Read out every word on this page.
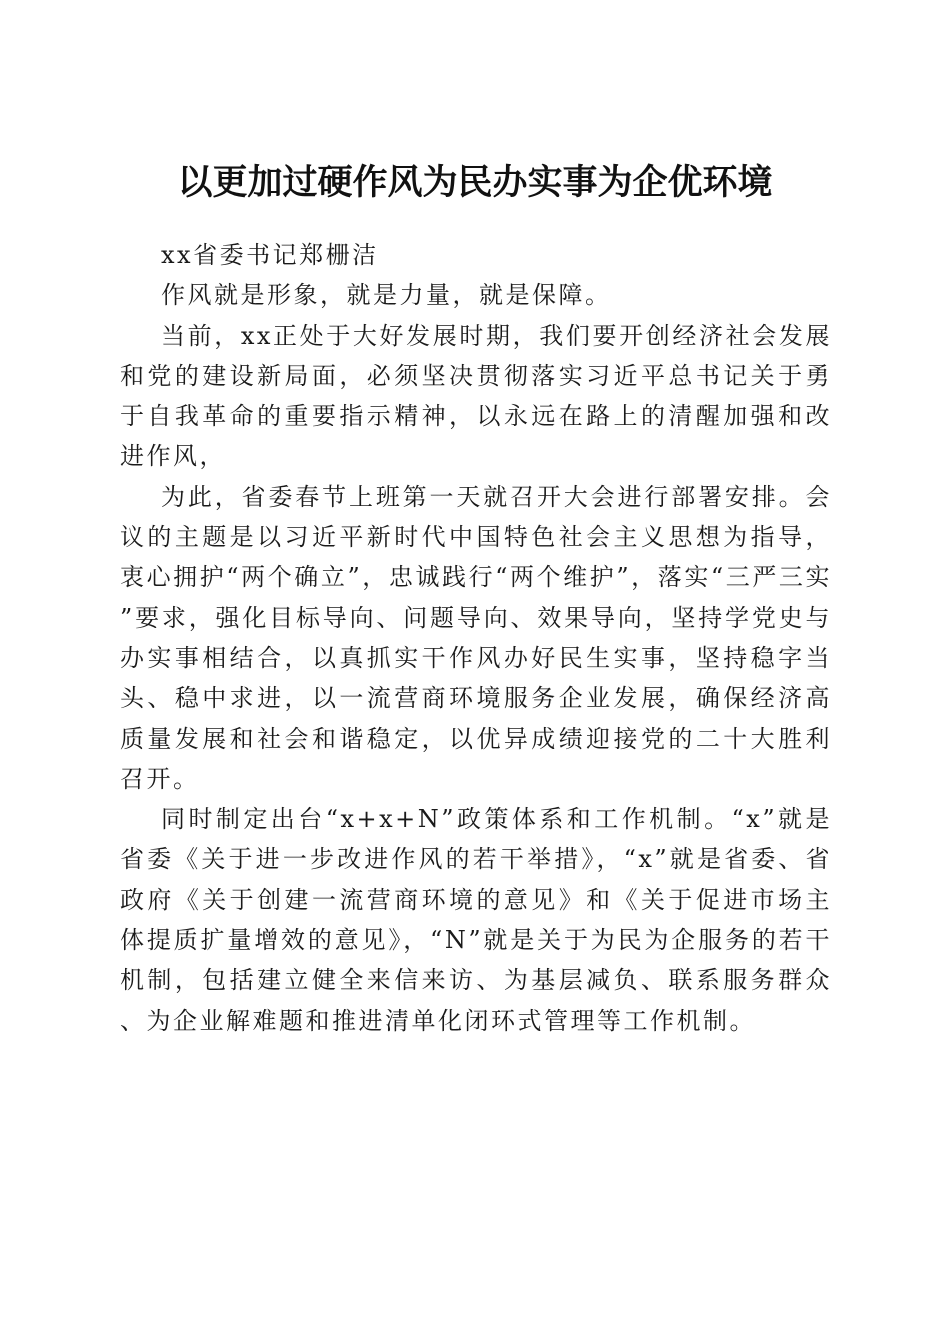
以更加过硬作风为民办实事为企优环境

xx省委书记郑栅洁

作风就是形象，就是力量，就是保障。

当前，xx正处于大好发展时期，我们要开创经济社会发展和党的建设新局面，必须坚决贯彻落实习近平总书记关于勇于自我革命的重要指示精神，以永远在路上的清醒加强和改进作风，

为此，省委春节上班第一天就召开大会进行部署安排。会议的主题是以习近平新时代中国特色社会主义思想为指导，衷心拥护“两个确立”，忠诚践行“两个维护”，落实“三严三实”要求，强化目标导向、问题导向、效果导向，坚持学党史与办实事相结合，以真抓实干作风办好民生实事，坚持稳字当头、稳中求进，以一流营商环境服务企业发展，确保经济高质量发展和社会和谐稳定，以优异成绩迎接党的二十大胜利召开。

同时制定出台“x+x+N”政策体系和工作机制。“x”就是省委《关于进一步改进作风的若干举措》，“x”就是省委、省政府《关于创建一流营商环境的意见》和《关于促进市场主体提质扩量增效的意见》，“N”就是关于为民为企服务的若干机制，包括建立健全来信来访、为基层减负、联系服务群众、为企业解难题和推进清单化闭环式管理等工作机制。
